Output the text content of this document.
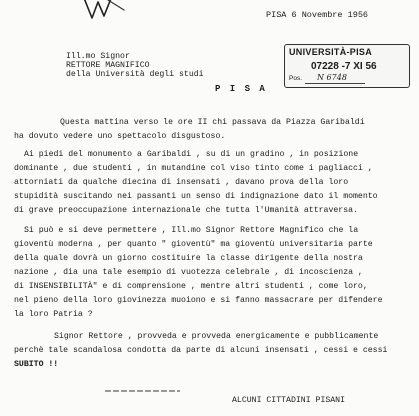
PISA 6 Novembre 1956
Ill.mo Signor
RETTORE MAGNIFICO
della Università degli studi
P I S A
UNIVERSITÀ-PISA
07228 -7 XI 56
Pos. N 6748
Questa mattina verso le ore II chi passava da Piazza Garibaldi
ha dovuto vedere uno spettacolo disgustoso.
Ai piedi del monumento a Garibaldi , su di un gradino , in posizione
dominante , due studenti , in mutandine col viso tinto come i pagliacci ,
attorniati da qualche diecina di insensati , davano prova della loro
stupidità suscitando nei passanti un senso di indignazione dato il momento
di grave preoccupazione internazionale che tutta l'Umanità attraversa.
Si può e si deve permettere , Ill.mo Signor Rettore Magnifico che la
gioventù moderna , per quanto " gioventù" ma gioventù universitaria parte
della quale dovrà un giorno costituire la classe dirigente della nostra
nazione , dia una tale esempio di vuotezza celebrale , di incoscienza ,
di INSENSIBILITÀ" e di comprensione , mentre altri studenti , come loro,
nel pieno della loro giovinezza muoiono e si fanno massacrare per difendere
la loro Patria ?
Signor Rettore , provveda e provveda energicamente e pubblicamente
perchè tale scandalosa condotta da parte di alcuni insensati , cessi e cessi
SUBITO !!
ALCUNI CITTADINI PISANI
